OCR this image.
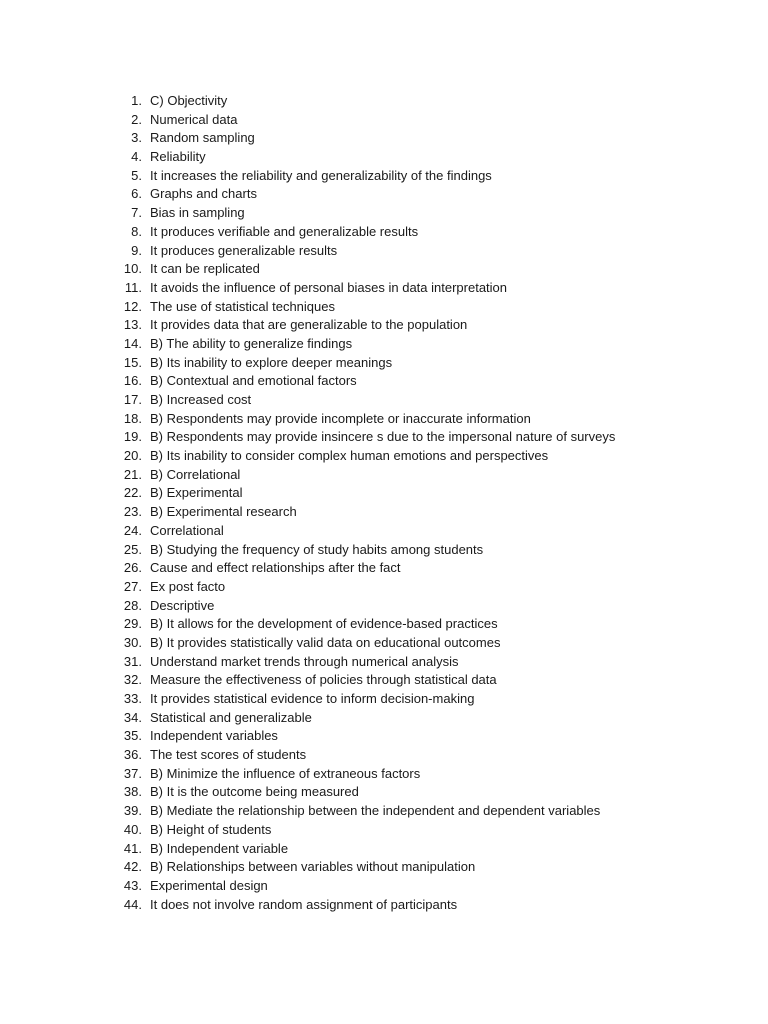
1. C) Objectivity
2. Numerical data
3. Random sampling
4. Reliability
5. It increases the reliability and generalizability of the findings
6. Graphs and charts
7. Bias in sampling
8. It produces verifiable and generalizable results
9. It produces generalizable results
10. It can be replicated
11. It avoids the influence of personal biases in data interpretation
12. The use of statistical techniques
13. It provides data that are generalizable to the population
14. B) The ability to generalize findings
15. B) Its inability to explore deeper meanings
16. B) Contextual and emotional factors
17. B) Increased cost
18. B) Respondents may provide incomplete or inaccurate information
19. B) Respondents may provide insincere s due to the impersonal nature of surveys
20. B) Its inability to consider complex human emotions and perspectives
21. B) Correlational
22. B) Experimental
23. B) Experimental research
24. Correlational
25. B) Studying the frequency of study habits among students
26. Cause and effect relationships after the fact
27. Ex post facto
28. Descriptive
29. B) It allows for the development of evidence-based practices
30. B) It provides statistically valid data on educational outcomes
31. Understand market trends through numerical analysis
32. Measure the effectiveness of policies through statistical data
33. It provides statistical evidence to inform decision-making
34. Statistical and generalizable
35. Independent variables
36. The test scores of students
37. B) Minimize the influence of extraneous factors
38. B) It is the outcome being measured
39. B) Mediate the relationship between the independent and dependent variables
40. B) Height of students
41. B) Independent variable
42. B) Relationships between variables without manipulation
43. Experimental design
44. It does not involve random assignment of participants
